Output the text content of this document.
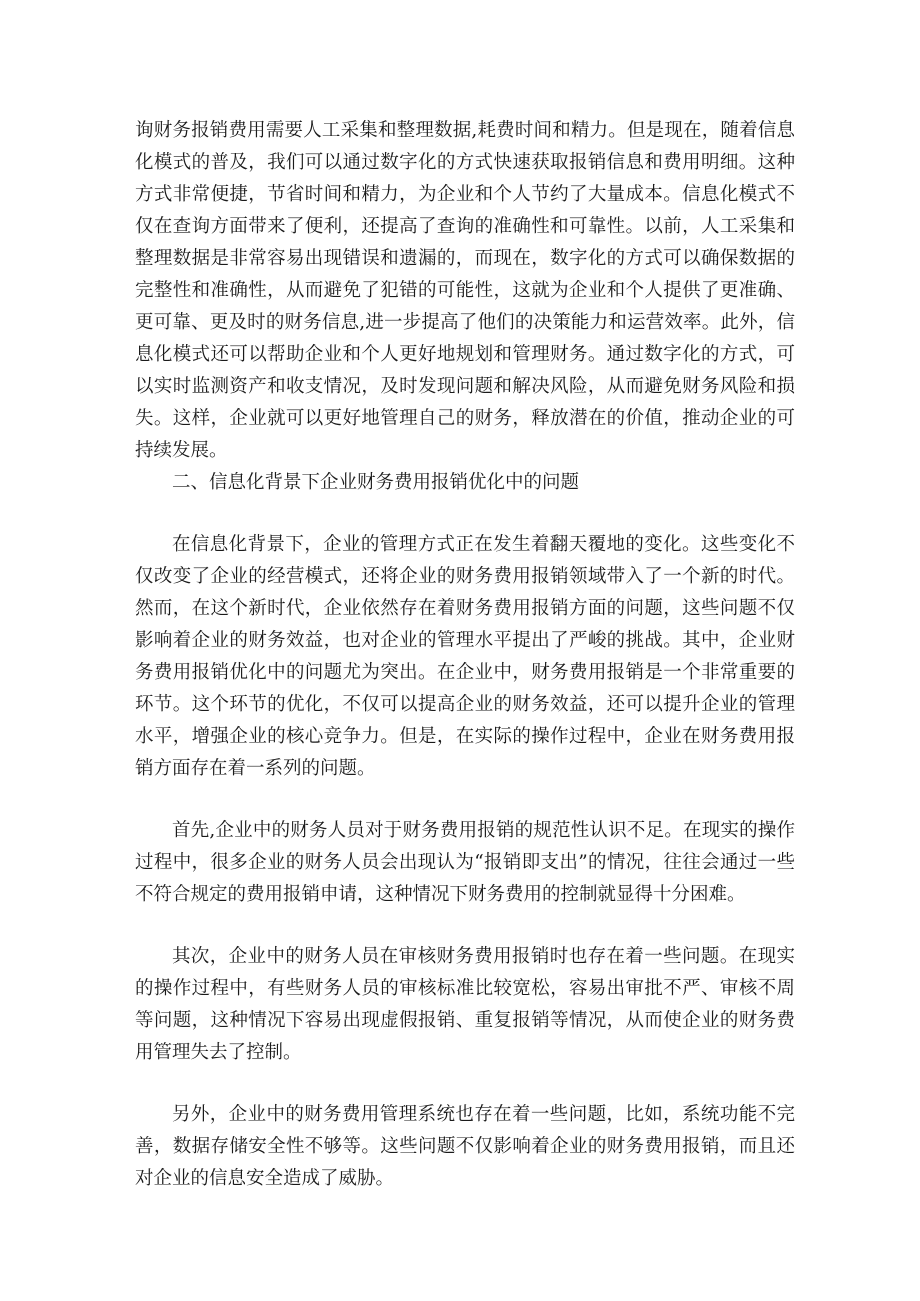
询财务报销费用需要人工采集和整理数据,耗费时间和精力。但是现在，随着信息化模式的普及，我们可以通过数字化的方式快速获取报销信息和费用明细。这种方式非常便捷，节省时间和精力，为企业和个人节约了大量成本。信息化模式不仅在查询方面带来了便利，还提高了查询的准确性和可靠性。以前，人工采集和整理数据是非常容易出现错误和遗漏的，而现在，数字化的方式可以确保数据的完整性和准确性，从而避免了犯错的可能性，这就为企业和个人提供了更准确、更可靠、更及时的财务信息,进一步提高了他们的决策能力和运营效率。此外，信息化模式还可以帮助企业和个人更好地规划和管理财务。通过数字化的方式，可以实时监测资产和收支情况，及时发现问题和解决风险，从而避免财务风险和损失。这样，企业就可以更好地管理自己的财务，释放潜在的价值，推动企业的可持续发展。

二、信息化背景下企业财务费用报销优化中的问题

在信息化背景下，企业的管理方式正在发生着翻天覆地的变化。这些变化不仅改变了企业的经营模式，还将企业的财务费用报销领域带入了一个新的时代。然而，在这个新时代，企业依然存在着财务费用报销方面的问题，这些问题不仅影响着企业的财务效益，也对企业的管理水平提出了严峻的挑战。其中，企业财务费用报销优化中的问题尤为突出。在企业中，财务费用报销是一个非常重要的环节。这个环节的优化，不仅可以提高企业的财务效益，还可以提升企业的管理水平，增强企业的核心竞争力。但是，在实际的操作过程中，企业在财务费用报销方面存在着一系列的问题。

首先,企业中的财务人员对于财务费用报销的规范性认识不足。在现实的操作过程中，很多企业的财务人员会出现认为“报销即支出”的情况，往往会通过一些不符合规定的费用报销申请，这种情况下财务费用的控制就显得十分困难。

其次，企业中的财务人员在审核财务费用报销时也存在着一些问题。在现实的操作过程中，有些财务人员的审核标准比较宽松，容易出审批不严、审核不周等问题，这种情况下容易出现虚假报销、重复报销等情况，从而使企业的财务费用管理失去了控制。

另外，企业中的财务费用管理系统也存在着一些问题，比如，系统功能不完善，数据存储安全性不够等。这些问题不仅影响着企业的财务费用报销，而且还对企业的信息安全造成了威胁。
